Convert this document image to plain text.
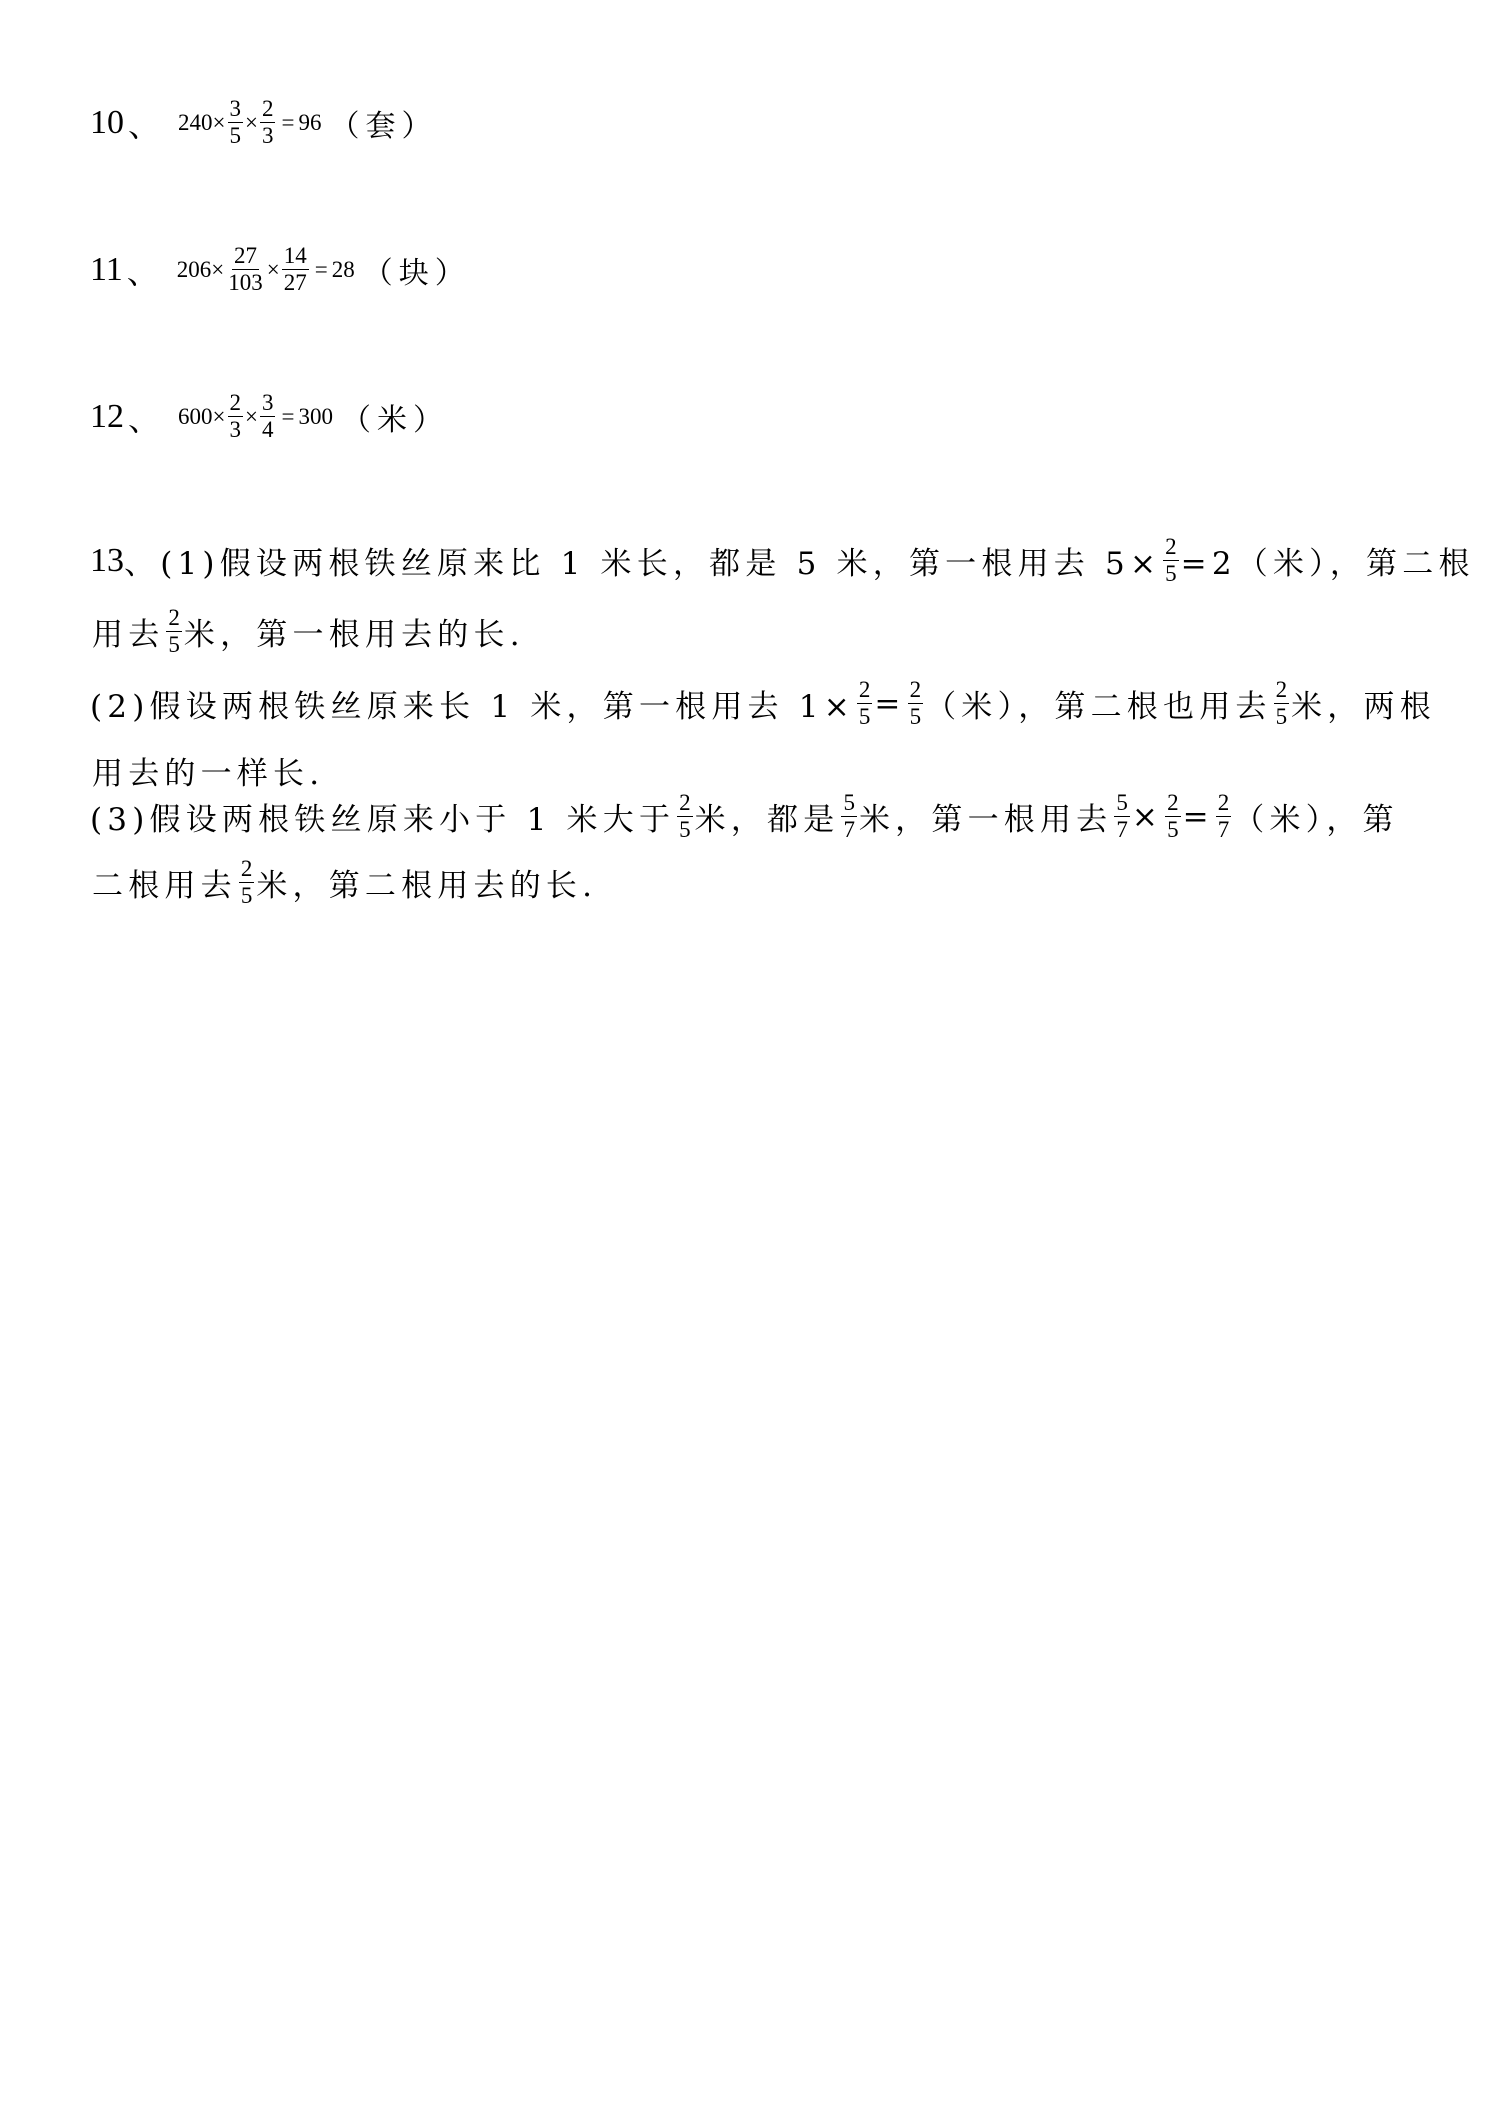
10 、 $240 \times \frac{3}{5} \times \frac{2}{3} = 96$ （套）
11 、 $206 \times \frac{27}{103} \times \frac{14}{27} = 28$ （块）
12 、 $600 \times \frac{2}{3} \times \frac{3}{4} = 300$ （米）
13 、 (1)假设两根铁丝原来比 1 米长，都是 5 米，第一根用去 $5\times \frac{2}{5} =2$（米），第二根
用去 $\frac{2}{5}$ 米，第一根用去的长.
(2)假设两根铁丝原来长 1 米，第一根用去 $1\times \frac{2}{5} = \frac{2}{5}$ （米），第二根也用去 $\frac{2}{5}$ 米，两根
用去的一样长.
(3)假设两根铁丝原来小于 1 米大于 $\frac{2}{5}$ 米，都是 $\frac{5}{7}$ 米，第一根用去 $\frac{5}{7} \times \frac{2}{5} = \frac{2}{7}$ （米），第
二根用去 $\frac{2}{5}$ 米，第二根用去的长.
